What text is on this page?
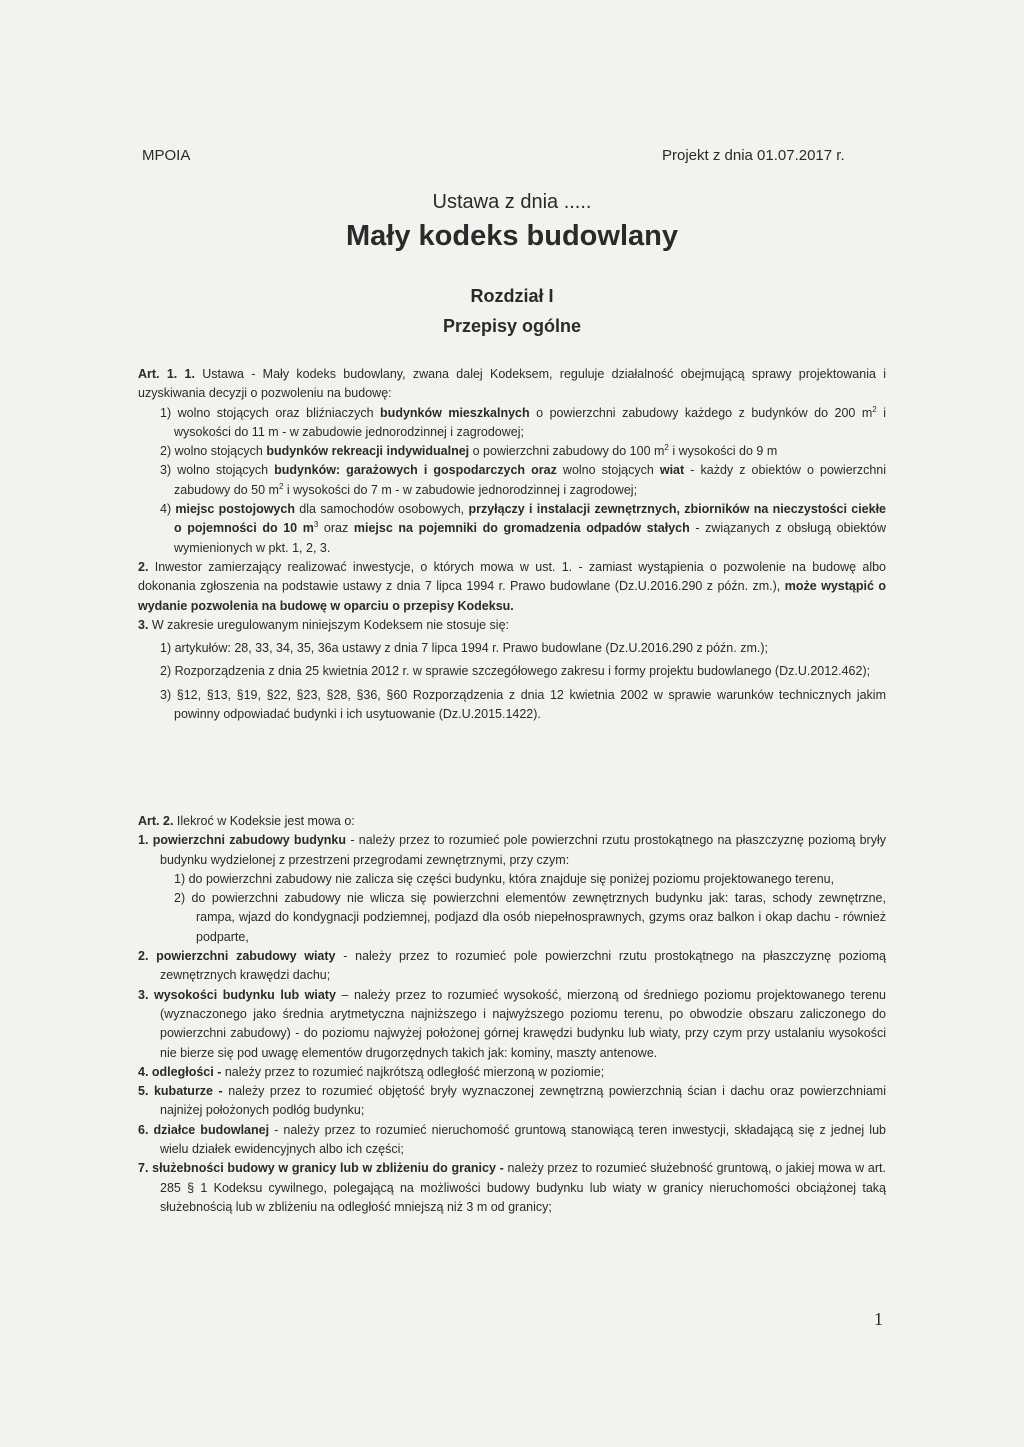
MPOIA	Projekt z dnia 01.07.2017 r.
Ustawa z dnia .....
Mały kodeks budowlany
Rozdział I
Przepisy ogólne
Art. 1. 1. Ustawa - Mały kodeks budowlany, zwana dalej Kodeksem, reguluje działalność obejmującą sprawy projektowania i uzyskiwania decyzji o pozwoleniu na budowę:
1) wolno stojących oraz bliźniaczych budynków mieszkalnych o powierzchni zabudowy każdego z budynków do 200 $m^2$ i wysokości do 11 m - w zabudowie jednorodzinnej i zagrodowej;
2) wolno stojących budynków rekreacji indywidualnej o powierzchni zabudowy do 100 $m^2$ i wysokości do 9 m
3) wolno stojących budynków: garażowych i gospodarczych oraz wolno stojących wiat - każdy z obiektów o powierzchni zabudowy do 50 $m^2$ i wysokości do 7 m - w zabudowie jednorodzinnej i zagrodowej;
4) miejsc postojowych dla samochodów osobowych, przyłączy i instalacji zewnętrznych, zbiorników na nieczystości ciekłe o pojemności do 10 $m^3$ oraz miejsc na pojemniki do gromadzenia odpadów stałych - związanych z obsługą obiektów wymienionych w pkt. 1, 2, 3.
2. Inwestor zamierzający realizować inwestycje, o których mowa w ust. 1. - zamiast wystąpienia o pozwolenie na budowę albo dokonania zgłoszenia na podstawie ustawy z dnia 7 lipca 1994 r. Prawo budowlane (Dz.U.2016.290 z późn. zm.), może wystąpić o wydanie pozwolenia na budowę w oparciu o przepisy Kodeksu.
3. W zakresie uregulowanym niniejszym Kodeksem nie stosuje się:
1) artykułów: 28, 33, 34, 35, 36a ustawy z dnia 7 lipca 1994 r. Prawo budowlane (Dz.U.2016.290 z późn. zm.);
2) Rozporządzenia z dnia 25 kwietnia 2012 r. w sprawie szczegółowego zakresu i formy projektu budowlanego (Dz.U.2012.462);
3) §12, §13, §19, §22, §23, §28, §36, §60 Rozporządzenia z dnia 12 kwietnia 2002 w sprawie warunków technicznych jakim powinny odpowiadać budynki i ich usytuowanie (Dz.U.2015.1422).
Art. 2. Ilekroć w Kodeksie jest mowa o:
1. powierzchni zabudowy budynku - należy przez to rozumieć pole powierzchni rzutu prostokątnego na płaszczyznę poziomą bryły budynku wydzielonej z przestrzeni przegrodami zewnętrznymi, przy czym:
1) do powierzchni zabudowy nie zalicza się części budynku, która znajduje się poniżej poziomu projektowanego terenu,
2) do powierzchni zabudowy nie wlicza się powierzchni elementów zewnętrznych budynku jak: taras, schody zewnętrzne, rampa, wjazd do kondygnacji podziemnej, podjazd dla osób niepełnosprawnych, gzyms oraz balkon i okap dachu - również podparte,
2. powierzchni zabudowy wiaty - należy przez to rozumieć pole powierzchni rzutu prostokątnego na płaszczyznę poziomą zewnętrznych krawędzi dachu;
3. wysokości budynku lub wiaty – należy przez to rozumieć wysokość, mierzoną od średniego poziomu projektowanego terenu (wyznaczonego jako średnia arytmetyczna najniższego i najwyższego poziomu terenu, po obwodzie obszaru zaliczonego do powierzchni zabudowy) - do poziomu najwyżej położonej górnej krawędzi budynku lub wiaty, przy czym przy ustalaniu wysokości nie bierze się pod uwagę elementów drugorzędnych takich jak: kominy, maszty antenowe.
4. odległości - należy przez to rozumieć najkrótszą odległość mierzoną w poziomie;
5. kubaturze - należy przez to rozumieć objętość bryły wyznaczonej zewnętrzną powierzchnią ścian i dachu oraz powierzchniami najniżej położonych podłóg budynku;
6. działce budowlanej - należy przez to rozumieć nieruchomość gruntową stanowiącą teren inwestycji, składającą się z jednej lub wielu działek ewidencyjnych albo ich części;
7. służebności budowy w granicy lub w zbliżeniu do granicy - należy przez to rozumieć służebność gruntową, o jakiej mowa w art. 285 § 1 Kodeksu cywilnego, polegającą na możliwości budowy budynku lub wiaty w granicy nieruchomości obciążonej taką służebnością lub w zbliżeniu na odległość mniejszą niż 3 m od granicy;
1
